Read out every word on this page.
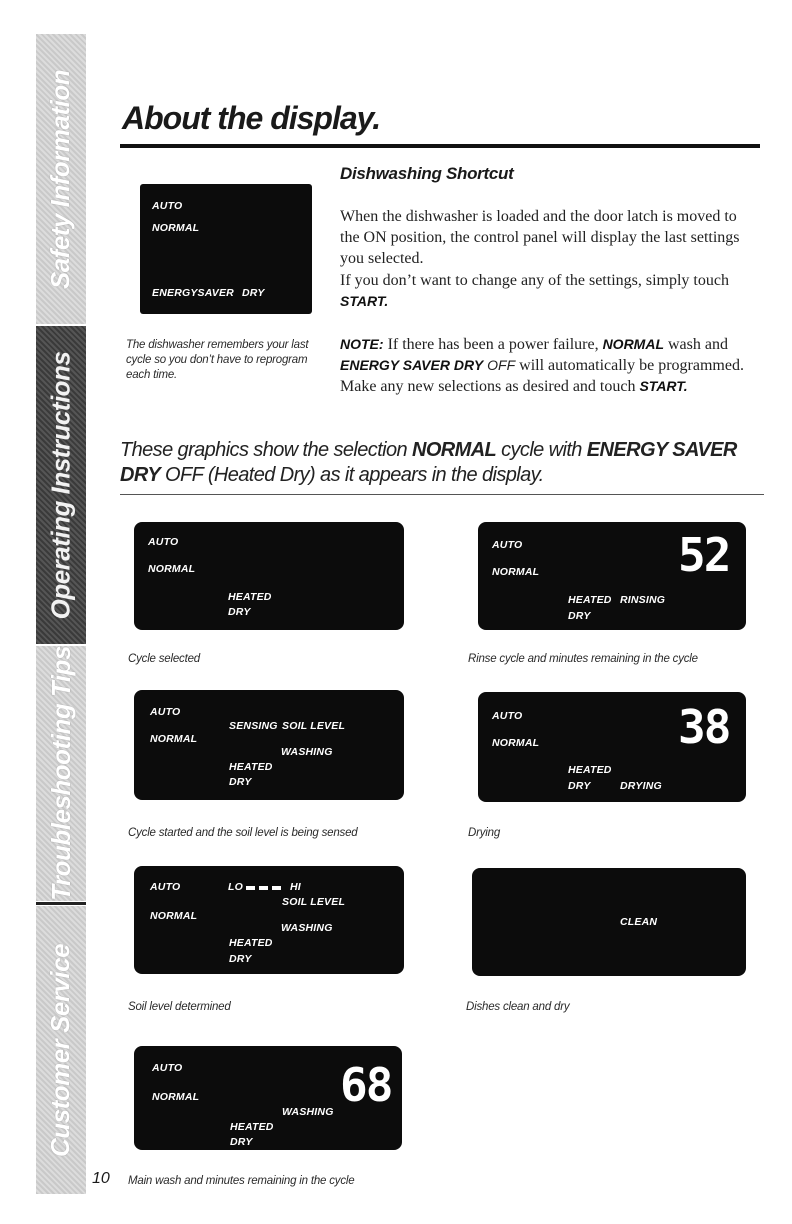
Safety Information
Operating Instructions
Troubleshooting Tips
Customer Service
10
About the display.
AUTO
NORMAL
ENERGYSAVER DRY
The dishwasher remembers your last cycle so you don’t have to reprogram each time.
Dishwashing Shortcut

When the dishwasher is loaded and the door latch is moved to the ON position, the control panel will display the last settings you selected.

If you don’t want to change any of the settings, simply touch START.

NOTE: If there has been a power failure, NORMAL wash and ENERGY SAVER DRY OFF will automatically be programmed. Make any new selections as desired and touch START.

These graphics show the selection NORMAL cycle with ENERGY SAVER DRY OFF (Heated Dry) as it appears in the display.

AUTO
NORMAL
HEATED
DRY
Cycle selected
AUTO
NORMAL
HEATED RINSING
DRY
52
Rinse cycle and minutes remaining in the cycle
AUTO
SENSING SOIL LEVEL
NORMAL
WASHING
HEATED
DRY
Cycle started and the soil level is being sensed
AUTO
NORMAL
HEATED
DRY	DRYING
38
Drying
AUTO	LO	HI
SOIL LEVEL
NORMAL
WASHING
HEATED
DRY
Soil level determined
CLEAN
Dishes clean and dry
AUTO
NORMAL
WASHING
HEATED
DRY
68
Main wash and minutes remaining in the cycle
